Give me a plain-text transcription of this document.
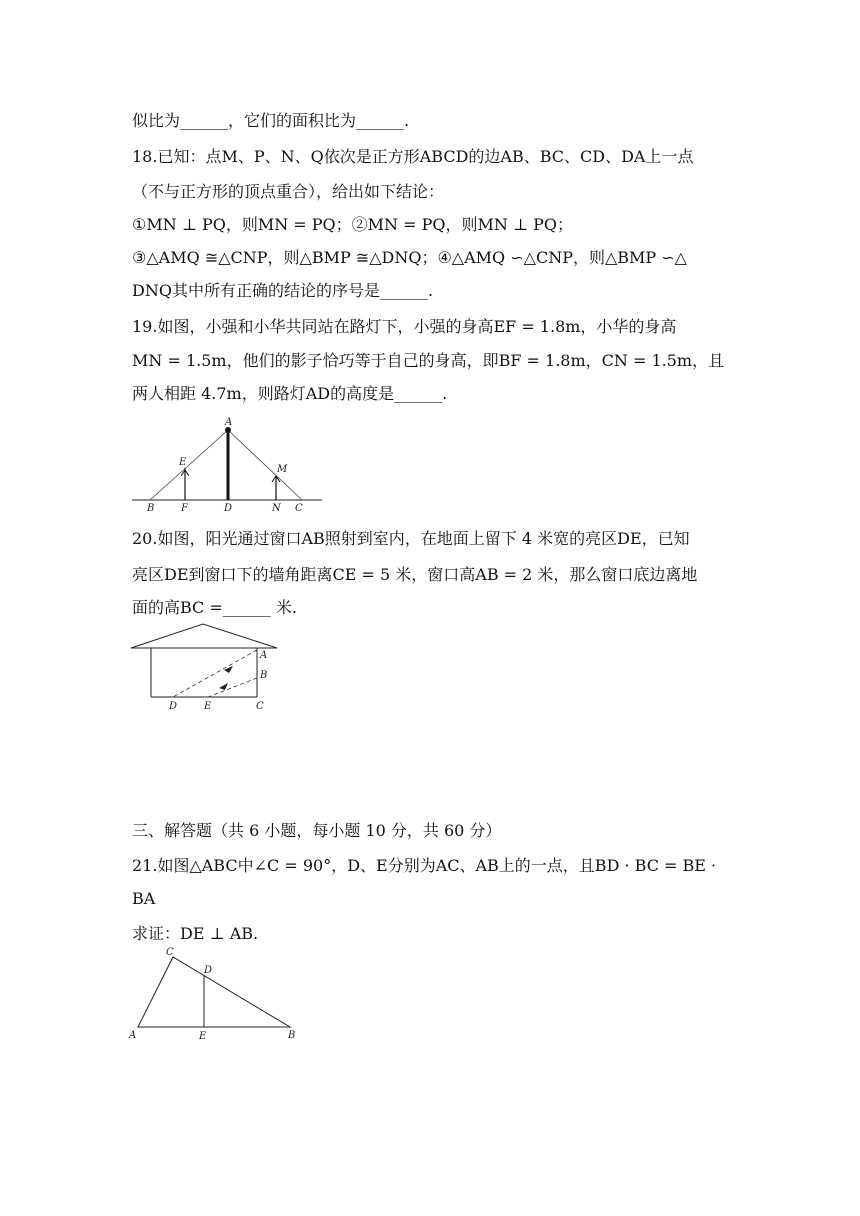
似比为______，它们的面积比为______.
18.已知：点M、P、N、Q依次是正方形ABCD的边AB、BC、CD、DA上一点
（不与正方形的顶点重合），给出如下结论：
①MN ⊥ PQ，则MN = PQ；②MN = PQ，则MN ⊥ PQ；
③△AMQ ≅△CNP，则△BMP ≅△DNQ；④△AMQ ∽△CNP，则△BMP ∽△
DNQ其中所有正确的结论的序号是______.
19.如图，小强和小华共同站在路灯下，小强的身高EF = 1.8m，小华的身高
MN = 1.5m，他们的影子恰巧等于自己的身高，即BF = 1.8m，CN = 1.5m，且
两人相距 4.7m，则路灯AD的高度是______.
A
E
M
B	F	D	N C
20.如图，阳光通过窗口AB照射到室内，在地面上留下 4 米宽的亮区DE，已知
亮区DE到窗口下的墙角距离CE = 5 米，窗口高AB = 2 米，那么窗口底边离地
面的高BC =______ 米.
A
B
D	E	C
三、解答题（共 6 小题，每小题 10 分，共 60 分）
21.如图△ABC中∠C = 90°，D、E分别为AC、AB上的一点，且BD · BC = BE ·
BA
求证：DE ⊥ AB.
C
D
A	E	B
